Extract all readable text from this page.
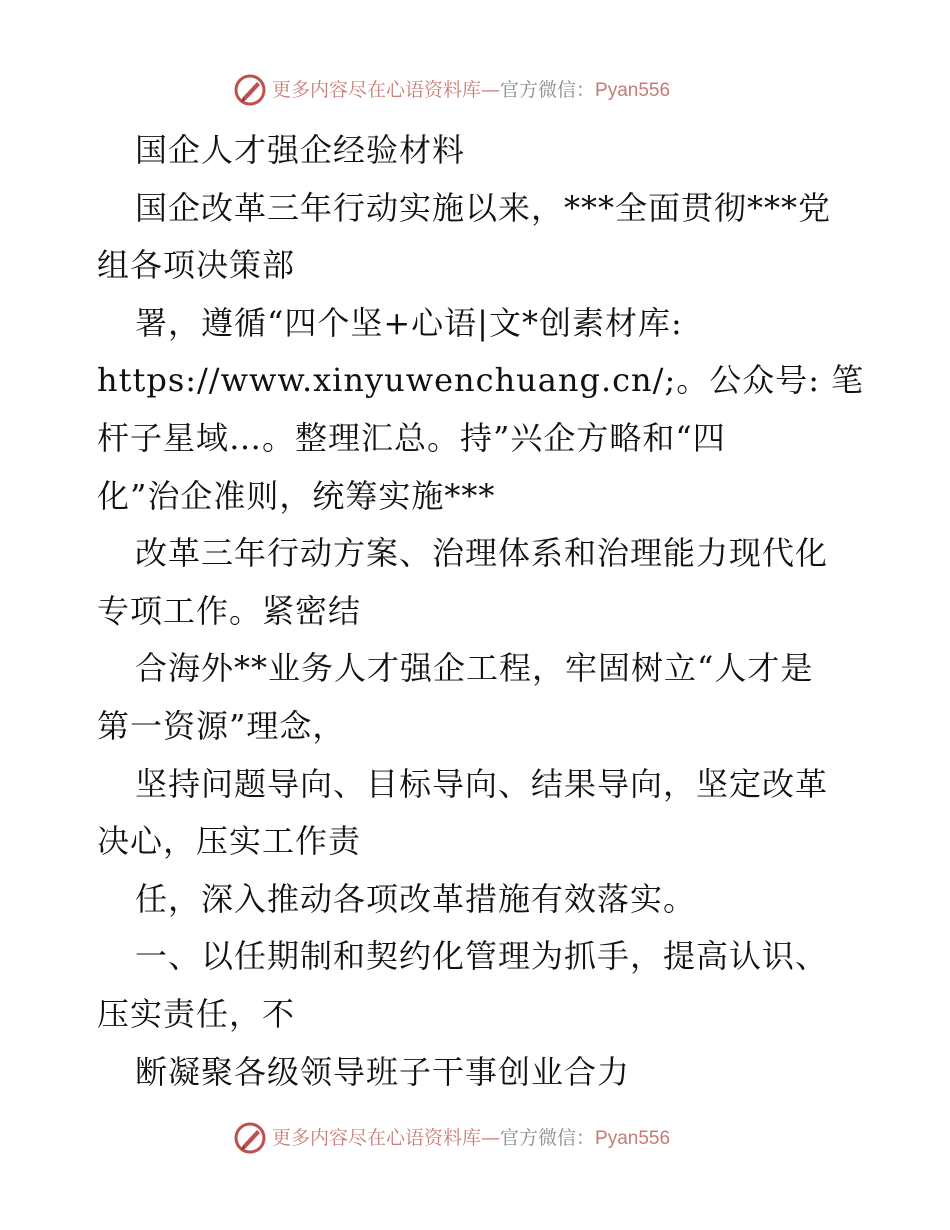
更多内容尽在心语资料库—官方微信：Pyan556
国企人才强企经验材料
国企改革三年行动实施以来，***全面贯彻***党
组各项决策部
署，遵循“四个坚+心语|文*创素材库:
https://www.xinyuwenchuang.cn/;。公众号: 笔
杆子星域…。整理汇总。持”兴企方略和“四
化”治企准则，统筹实施***
改革三年行动方案、治理体系和治理能力现代化
专项工作。紧密结
合海外**业务人才强企工程，牢固树立“人才是
第一资源”理念，
坚持问题导向、目标导向、结果导向，坚定改革
决心，压实工作责
任，深入推动各项改革措施有效落实。
一、以任期制和契约化管理为抓手，提高认识、
压实责任，不
断凝聚各级领导班子干事创业合力
更多内容尽在心语资料库—官方微信：Pyan556
